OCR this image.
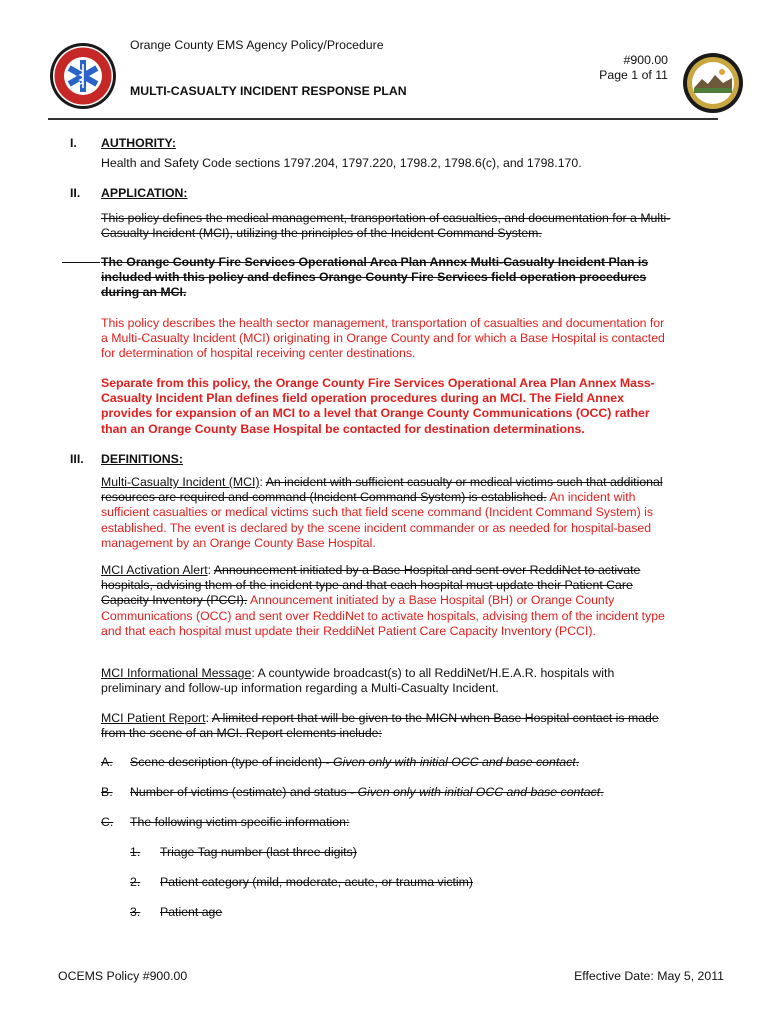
Orange County EMS Agency Policy/Procedure
#900.00
Page 1 of 11
MULTI-CASUALTY INCIDENT RESPONSE PLAN
I. AUTHORITY:
Health and Safety Code sections 1797.204, 1797.220, 1798.2, 1798.6(c), and 1798.170.
II. APPLICATION:
This policy defines the medical management, transportation of casualties, and documentation for a Multi-
Casualty Incident (MCI), utilizing the principles of the Incident Command System.
The Orange County Fire Services Operational Area Plan Annex Multi-Casualty Incident Plan is
included with this policy and defines Orange County Fire Services field operation procedures
during an MCI.
This policy describes the health sector management, transportation of casualties and documentation for
a Multi-Casualty Incident (MCI) originating in Orange County and for which a Base Hospital is contacted
for determination of hospital receiving center destinations.
Separate from this policy, the Orange County Fire Services Operational Area Plan Annex Mass-
Casualty Incident Plan defines field operation procedures during an MCI. The Field Annex
provides for expansion of an MCI to a level that Orange County Communications (OCC) rather
than an Orange County Base Hospital be contacted for destination determinations.
III. DEFINITIONS:
Multi-Casualty Incident (MCI): An incident with sufficient casualty or medical victims such that additional
resources are required and command (Incident Command System) is established. An incident with
sufficient casualties or medical victims such that field scene command (Incident Command System) is
established. The event is declared by the scene incident commander or as needed for hospital-based
management by an Orange County Base Hospital.
MCI Activation Alert: Announcement initiated by a Base Hospital and sent over ReddiNet to activate
hospitals, advising them of the incident type and that each hospital must update their Patient Care
Capacity Inventory (PCCI). Announcement initiated by a Base Hospital (BH) or Orange County
Communications (OCC) and sent over ReddiNet to activate hospitals, advising them of the incident type
and that each hospital must update their ReddiNet Patient Care Capacity Inventory (PCCI).
MCI Informational Message: A countywide broadcast(s) to all ReddiNet/H.E.A.R. hospitals with
preliminary and follow-up information regarding a Multi-Casualty Incident.
MCI Patient Report: A limited report that will be given to the MICN when Base Hospital contact is made
from the scene of an MCI. Report elements include:
A. Scene description (type of incident) - Given only with initial OCC and base contact.
B. Number of victims (estimate) and status - Given only with initial OCC and base contact.
C. The following victim specific information:
1. Triage Tag number (last three digits)
2. Patient category (mild, moderate, acute, or trauma victim)
3. Patient age
OCEMS Policy #900.00	Effective Date: May 5, 2011
